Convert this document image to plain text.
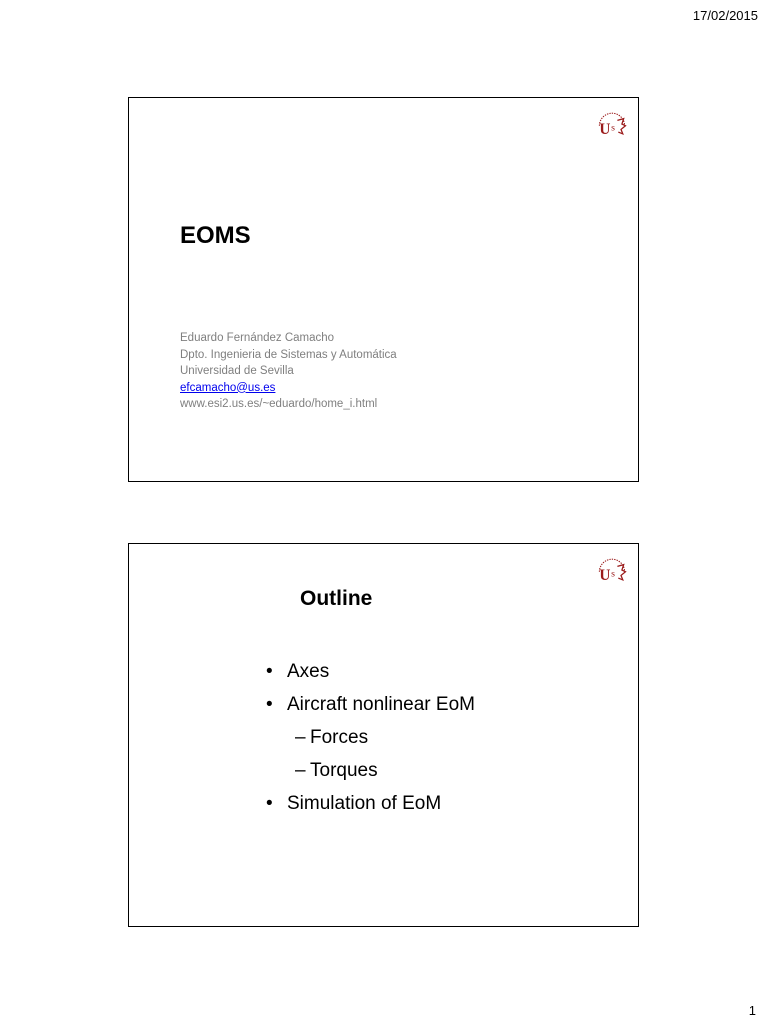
17/02/2015
U s
EOMS
Eduardo Fernández Camacho
Dpto. Ingenieria de Sistemas y Automática
Universidad de Sevilla
efcamacho@us.es
www.esi2.us.es/~eduardo/home_i.html
U s
Outline
• Axes
• Aircraft nonlinear EoM
– Forces
– Torques
• Simulation of EoM
1
